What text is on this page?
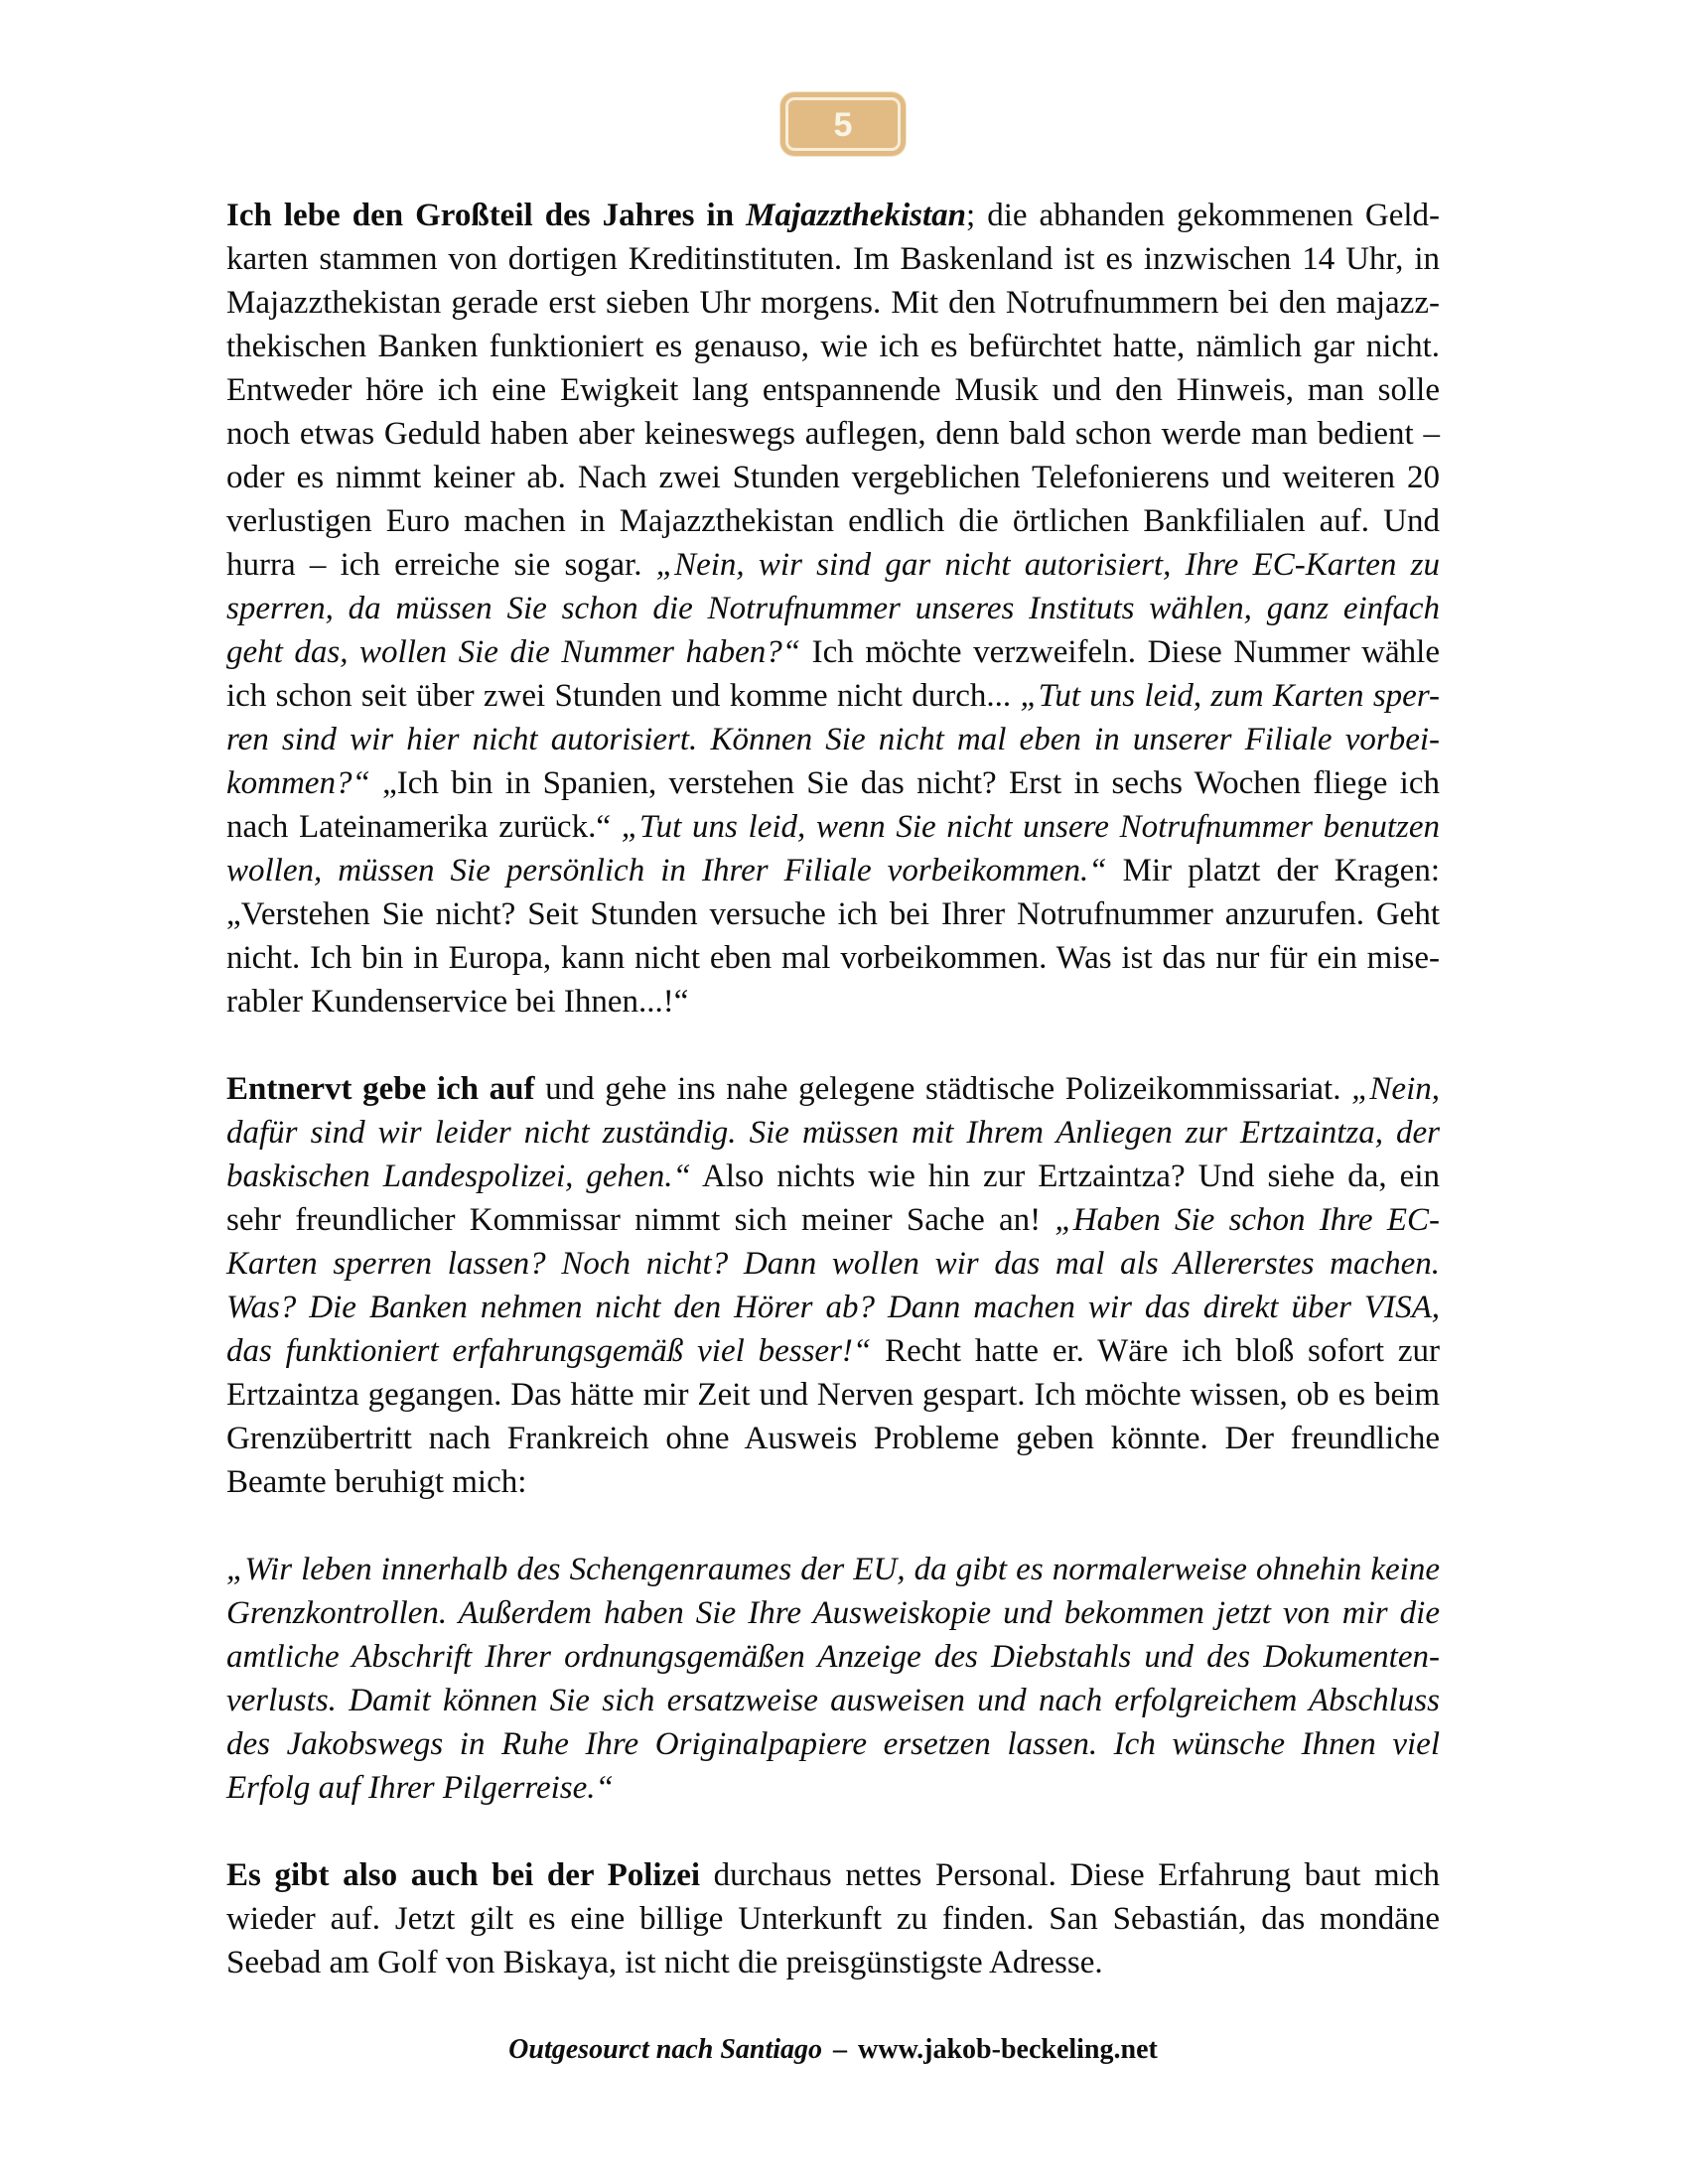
5
Ich lebe den Großteil des Jahres in Majazzthekistan; die abhanden gekommenen Geld-
karten stammen von dortigen Kreditinstituten. Im Baskenland ist es inzwischen 14 Uhr, in
Majazzthekistan gerade erst sieben Uhr morgens. Mit den Notrufnummern bei den majazz-
thekischen Banken funktioniert es genauso, wie ich es befürchtet hatte, nämlich gar nicht.
Entweder höre ich eine Ewigkeit lang entspannende Musik und den Hinweis, man solle
noch etwas Geduld haben aber keineswegs auflegen, denn bald schon werde man bedient –
oder es nimmt keiner ab. Nach zwei Stunden vergeblichen Telefonierens und weiteren 20
verlustigen Euro machen in Majazzthekistan endlich die örtlichen Bankfilialen auf. Und
hurra – ich erreiche sie sogar. „Nein, wir sind gar nicht autorisiert, Ihre EC-Karten zu
sperren, da müssen Sie schon die Notrufnummer unseres Instituts wählen, ganz einfach
geht das, wollen Sie die Nummer haben?“ Ich möchte verzweifeln. Diese Nummer wähle
ich schon seit über zwei Stunden und komme nicht durch... „Tut uns leid, zum Karten sper-
ren sind wir hier nicht autorisiert. Können Sie nicht mal eben in unserer Filiale vorbei-
kommen?“ „Ich bin in Spanien, verstehen Sie das nicht? Erst in sechs Wochen fliege ich
nach Lateinamerika zurück.“ „Tut uns leid, wenn Sie nicht unsere Notrufnummer benutzen
wollen, müssen Sie persönlich in Ihrer Filiale vorbeikommen.“ Mir platzt der Kragen:
„Verstehen Sie nicht? Seit Stunden versuche ich bei Ihrer Notrufnummer anzurufen. Geht
nicht. Ich bin in Europa, kann nicht eben mal vorbeikommen. Was ist das nur für ein mise-
rabler Kundenservice bei Ihnen...!“
Entnervt gebe ich auf und gehe ins nahe gelegene städtische Polizeikommissariat. „Nein,
dafür sind wir leider nicht zuständig. Sie müssen mit Ihrem Anliegen zur Ertzaintza, der
baskischen Landespolizei, gehen.“ Also nichts wie hin zur Ertzaintza? Und siehe da, ein
sehr freundlicher Kommissar nimmt sich meiner Sache an! „Haben Sie schon Ihre EC-
Karten sperren lassen? Noch nicht? Dann wollen wir das mal als Allererstes machen.
Was? Die Banken nehmen nicht den Hörer ab? Dann machen wir das direkt über VISA,
das funktioniert erfahrungsgemäß viel besser!“ Recht hatte er. Wäre ich bloß sofort zur
Ertzaintza gegangen. Das hätte mir Zeit und Nerven gespart. Ich möchte wissen, ob es beim
Grenzübertritt nach Frankreich ohne Ausweis Probleme geben könnte. Der freundliche
Beamte beruhigt mich:
„Wir leben innerhalb des Schengenraumes der EU, da gibt es normalerweise ohnehin keine
Grenzkontrollen. Außerdem haben Sie Ihre Ausweiskopie und bekommen jetzt von mir die
amtliche Abschrift Ihrer ordnungsgemäßen Anzeige des Diebstahls und des Dokumenten-
verlusts. Damit können Sie sich ersatzweise ausweisen und nach erfolgreichem Abschluss
des Jakobswegs in Ruhe Ihre Originalpapiere ersetzen lassen. Ich wünsche Ihnen viel
Erfolg auf Ihrer Pilgerreise.“
Es gibt also auch bei der Polizei durchaus nettes Personal. Diese Erfahrung baut mich
wieder auf. Jetzt gilt es eine billige Unterkunft zu finden. San Sebastián, das mondäne
Seebad am Golf von Biskaya, ist nicht die preisgünstigste Adresse.
Outgesourct nach Santiago – www.jakob-beckeling.net
